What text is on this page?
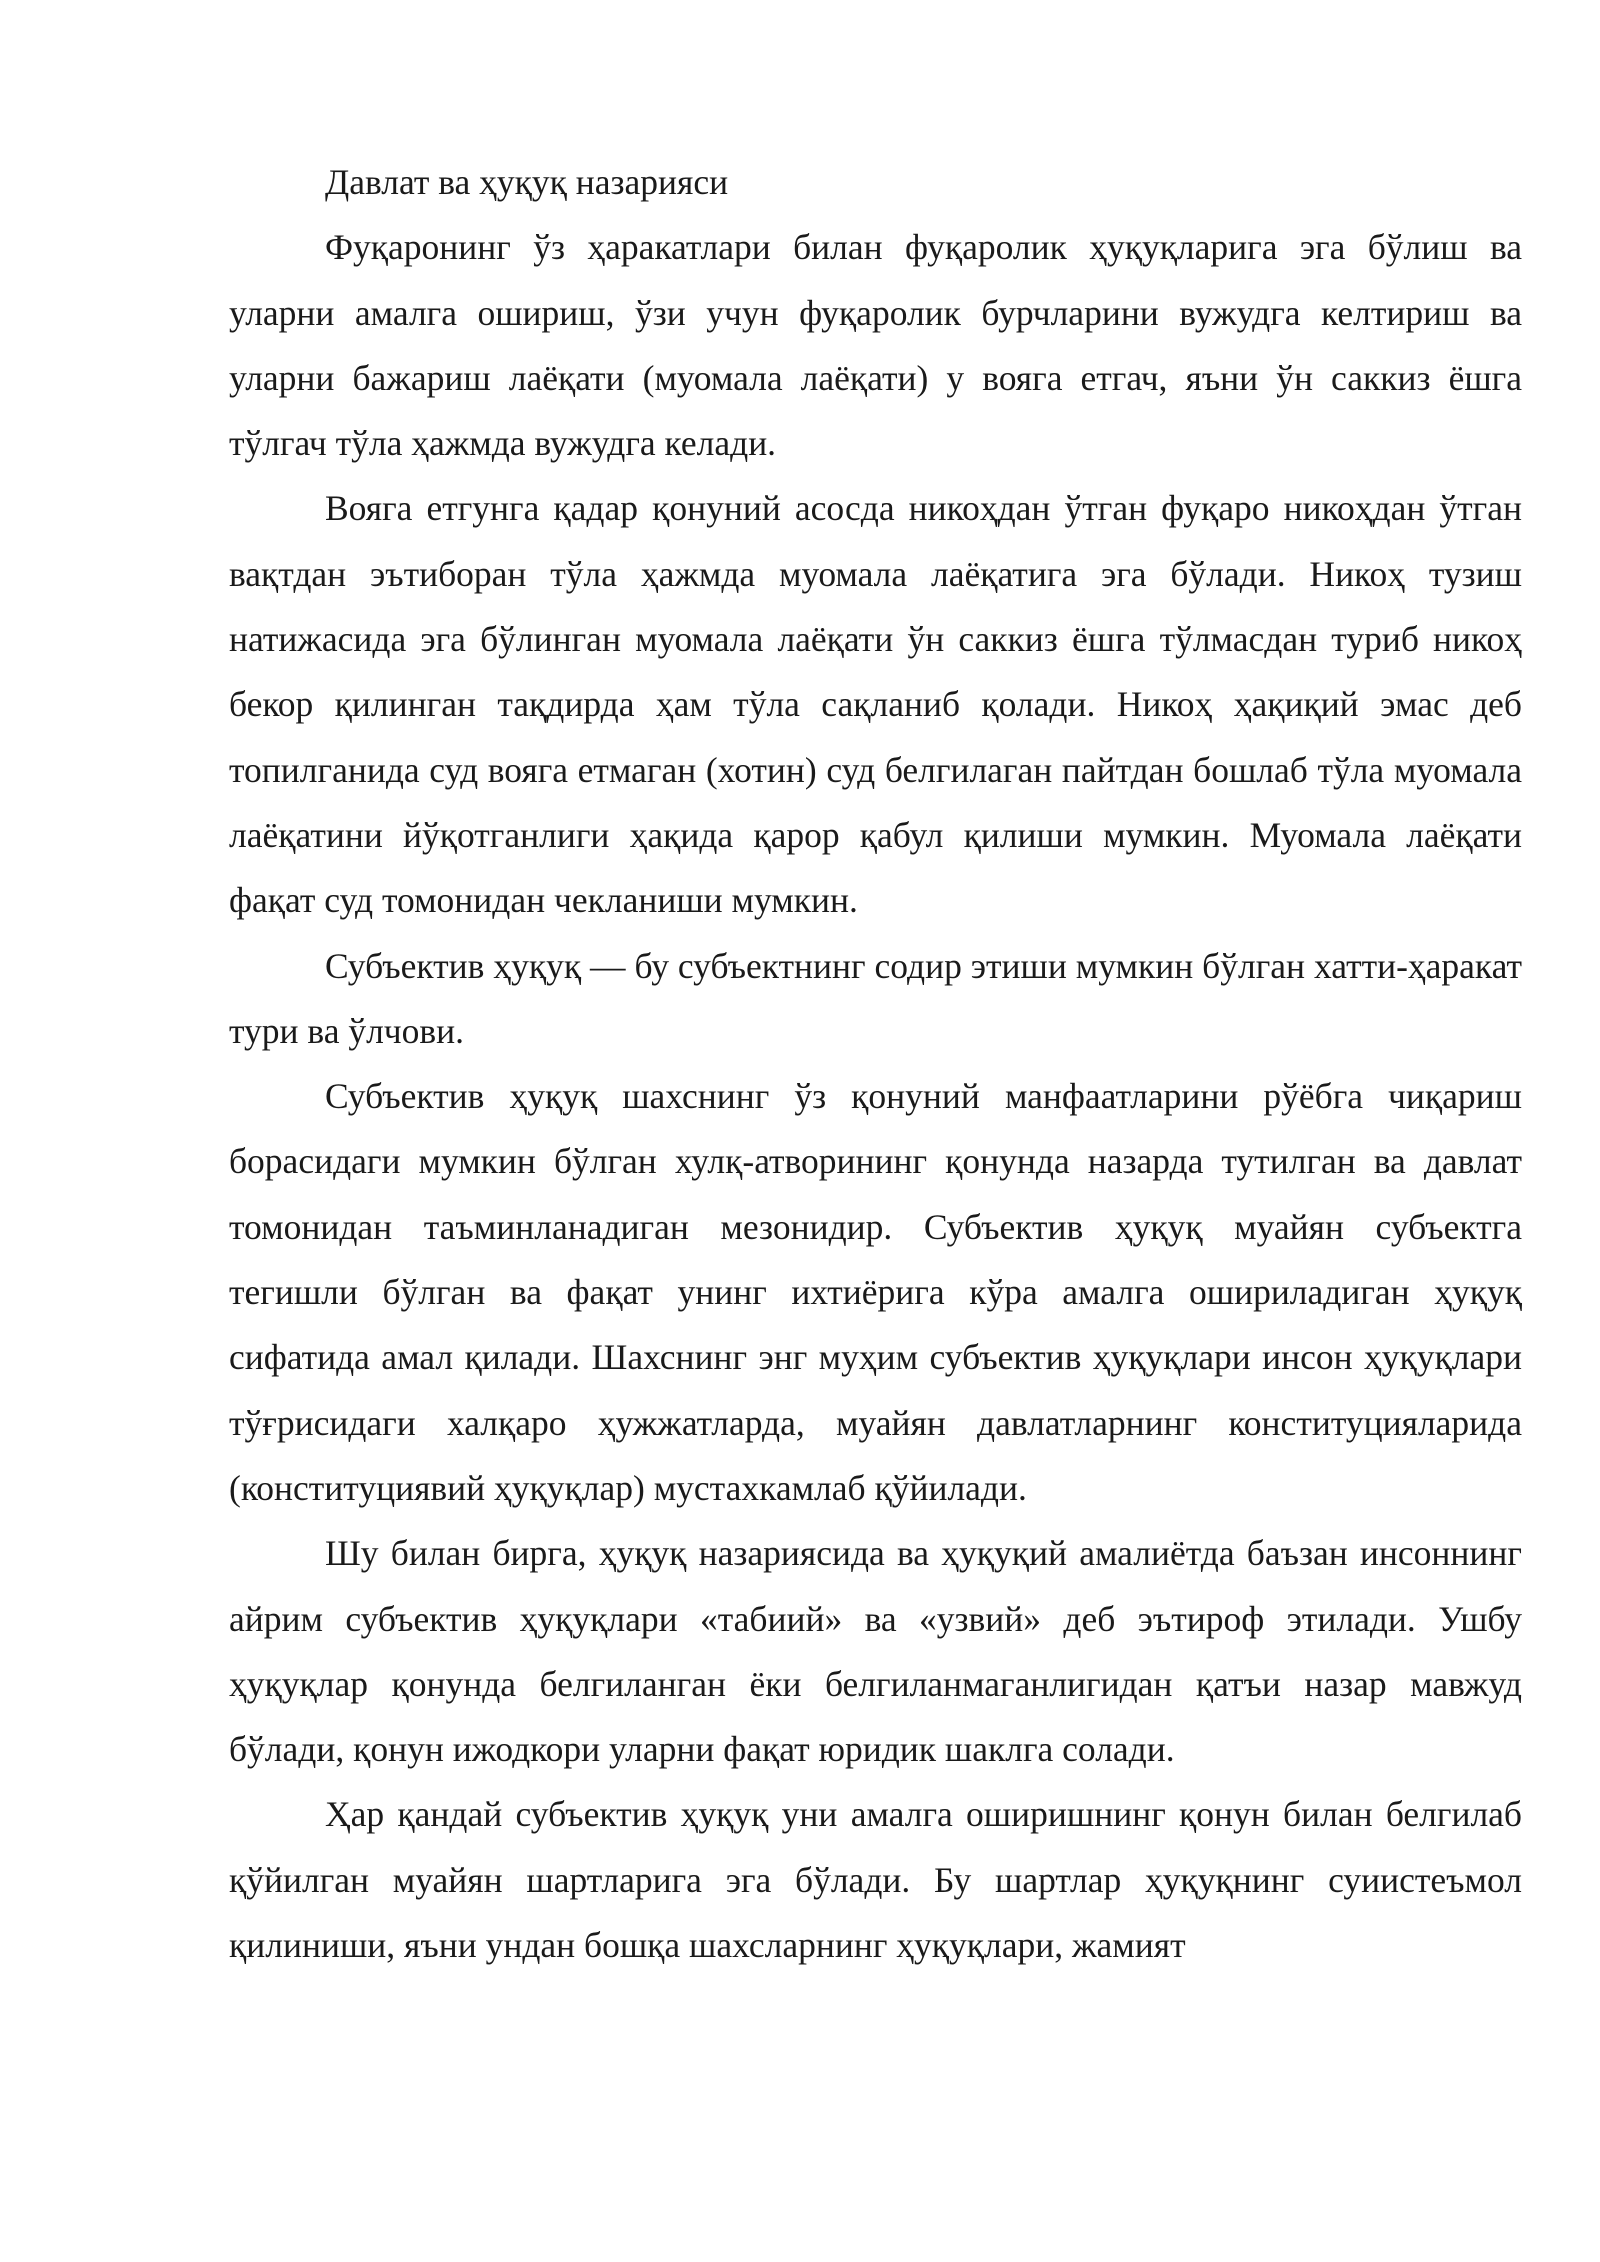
Давлат ва ҳуқуқ назарияси

Фуқаронинг ўз ҳаракатлари билан фуқаролик ҳуқуқларига эга бўлиш ва уларни амалга ошириш, ўзи учун фуқаролик бурчларини вужудга келтириш ва уларни бажариш лаёқати (муомала лаёқати) у вояга етгач, яъни ўн саккиз ёшга тўлгач тўла ҳажмда вужудга келади.

Вояга етгунга қадар қонуний асосда никоҳдан ўтган фуқаро никоҳдан ўтган вақтдан эътиборан тўла ҳажмда муомала лаёқатига эга бўлади. Никоҳ тузиш натижасида эга бўлинган муомала лаёқати ўн саккиз ёшга тўлмасдан туриб никоҳ бекор қилинган тақдирда ҳам тўла сақланиб қолади. Никоҳ ҳақиқий эмас деб топилганида суд вояга етмаган (хотин) суд белгилаган пайтдан бошлаб тўла муомала лаёқатини йўқотганлиги ҳақида қарор қабул қилиши мумкин. Муомала лаёқати фақат суд томонидан чекланиши мумкин.

Субъектив ҳуқуқ — бу субъектнинг содир этиши мумкин бўлган хатти-ҳаракат тури ва ўлчови.

Субъектив ҳуқуқ шахснинг ўз қонуний манфаатларини рўёбга чиқариш борасидаги мумкин бўлган хулқ-атворининг қонунда назарда тутилган ва давлат томонидан таъминланадиган мезонидир. Субъектив ҳуқуқ муайян субъектга тегишли бўлган ва фақат унинг ихтиёрига кўра амалга ошириладиган ҳуқуқ сифатида амал қилади. Шахснинг энг муҳим субъектив ҳуқуқлари инсон ҳуқуқлари тўғрисидаги халқаро ҳужжатларда, муайян давлатларнинг конституцияларида (конституциявий ҳуқуқлар) мустахкамлаб қўйилади.

Шу билан бирга, ҳуқуқ назариясида ва ҳуқуқий амалиётда баъзан инсоннинг айрим субъектив ҳуқуқлари «табиий» ва «узвий» деб эътироф этилади. Ушбу ҳуқуқлар қонунда белгиланган ёки белгиланмаганлигидан қатъи назар мавжуд бўлади, қонун ижодкори уларни фақат юридик шаклга солади.

Ҳар қандай субъектив ҳуқуқ уни амалга оширишнинг қонун билан белгилаб қўйилган муайян шартларига эга бўлади. Бу шартлар ҳуқуқнинг суиистеъмол қилиниши, яъни ундан бошқа шахсларнинг ҳуқуқлари, жамият
